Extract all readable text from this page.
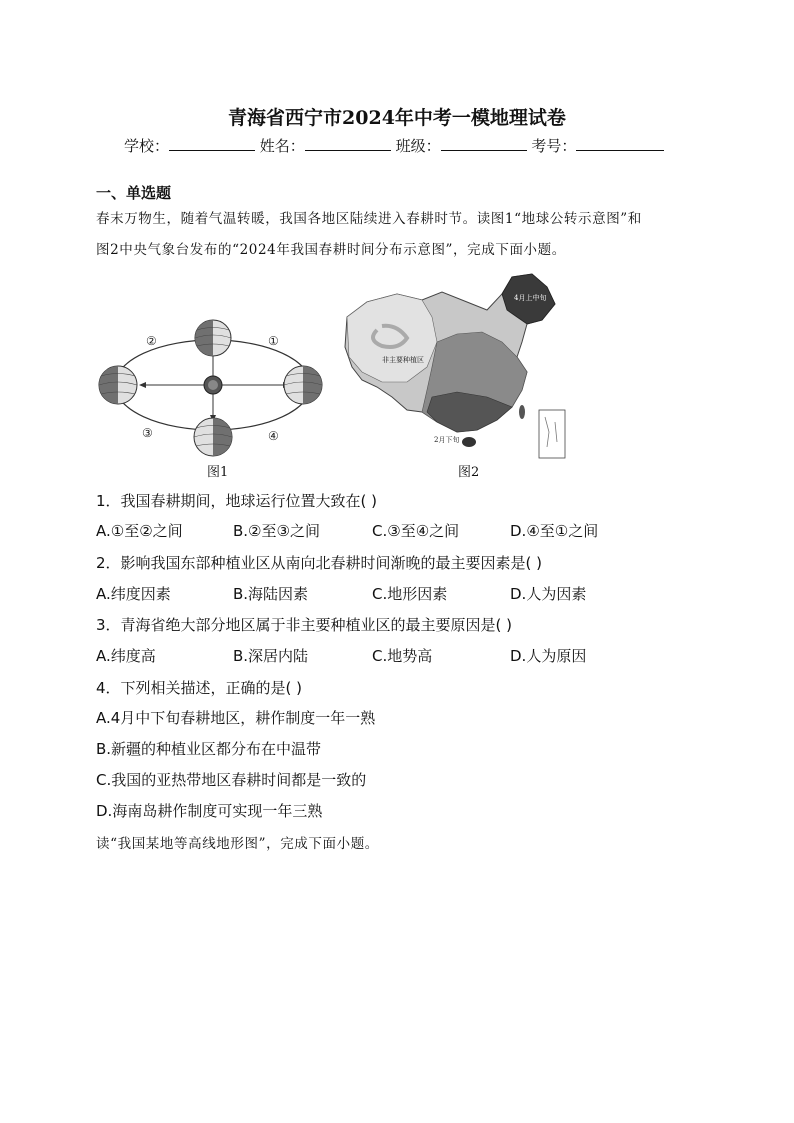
青海省西宁市2024年中考一模地理试卷
学校：	姓名：	班级：	考号：
一、单选题
春末万物生，随着气温转暖，我国各地区陆续进入春耕时节。读图1“地球公转示意图”和
图2中央气象台发布的“2024年我国春耕时间分布示意图”，完成下面小题。
②	①
③	④
图1
4月上中旬
非主要种植区
2月下旬
图2
1．我国春耕期间，地球运行位置大致在( )
A.①至②之间	B.②至③之间	C.③至④之间	D.④至①之间
2．影响我国东部种植业区从南向北春耕时间渐晚的最主要因素是( )
A.纬度因素	B.海陆因素	C.地形因素	D.人为因素
3．青海省绝大部分地区属于非主要种植业区的最主要原因是( )
A.纬度高	B.深居内陆	C.地势高	D.人为原因
4．下列相关描述，正确的是( )
A.4月中下旬春耕地区，耕作制度一年一熟
B.新疆的种植业区都分布在中温带
C.我国的亚热带地区春耕时间都是一致的
D.海南岛耕作制度可实现一年三熟
读“我国某地等高线地形图”，完成下面小题。
